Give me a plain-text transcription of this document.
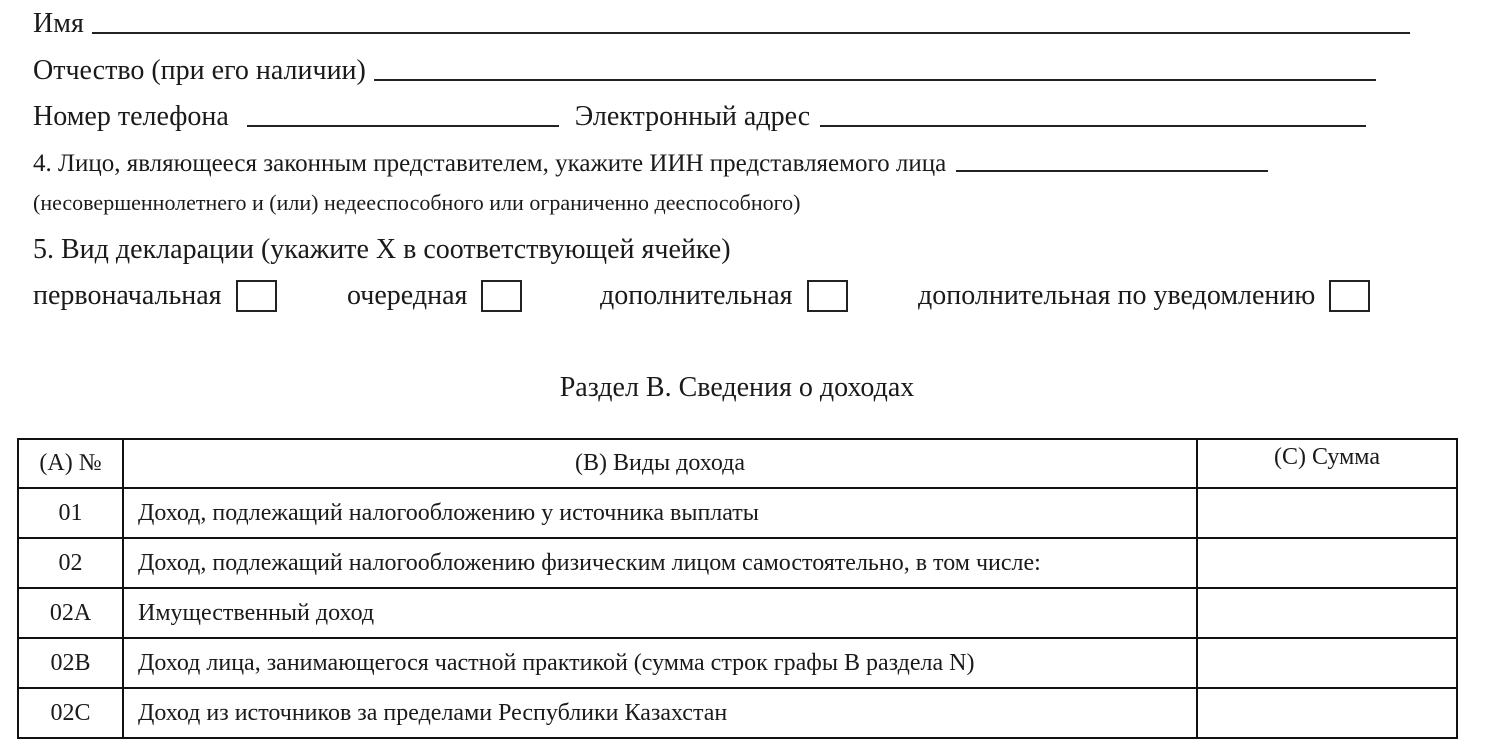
Имя
Отчество (при его наличии)
Номер телефона	Электронный адрес
4. Лицо, являющееся законным представителем, укажите ИИН представляемого лица
(несовершеннолетнего и (или) недееспособного или ограниченно дееспособного)
5. Вид декларации (укажите Х в соответствующей ячейке)
первоначальная	очередная	дополнительная	дополнительная по уведомлению
Раздел B. Сведения о доходах
(A) №	(B) Виды дохода	(C) Сумма
01	Доход, подлежащий налогообложению у источника выплаты	
02	Доход, подлежащий налогообложению физическим лицом самостоятельно, в том числе:	
02A	Имущественный доход	
02B	Доход лица, занимающегося частной практикой (сумма строк графы B раздела N)	
02C	Доход из источников за пределами Республики Казахстан	
